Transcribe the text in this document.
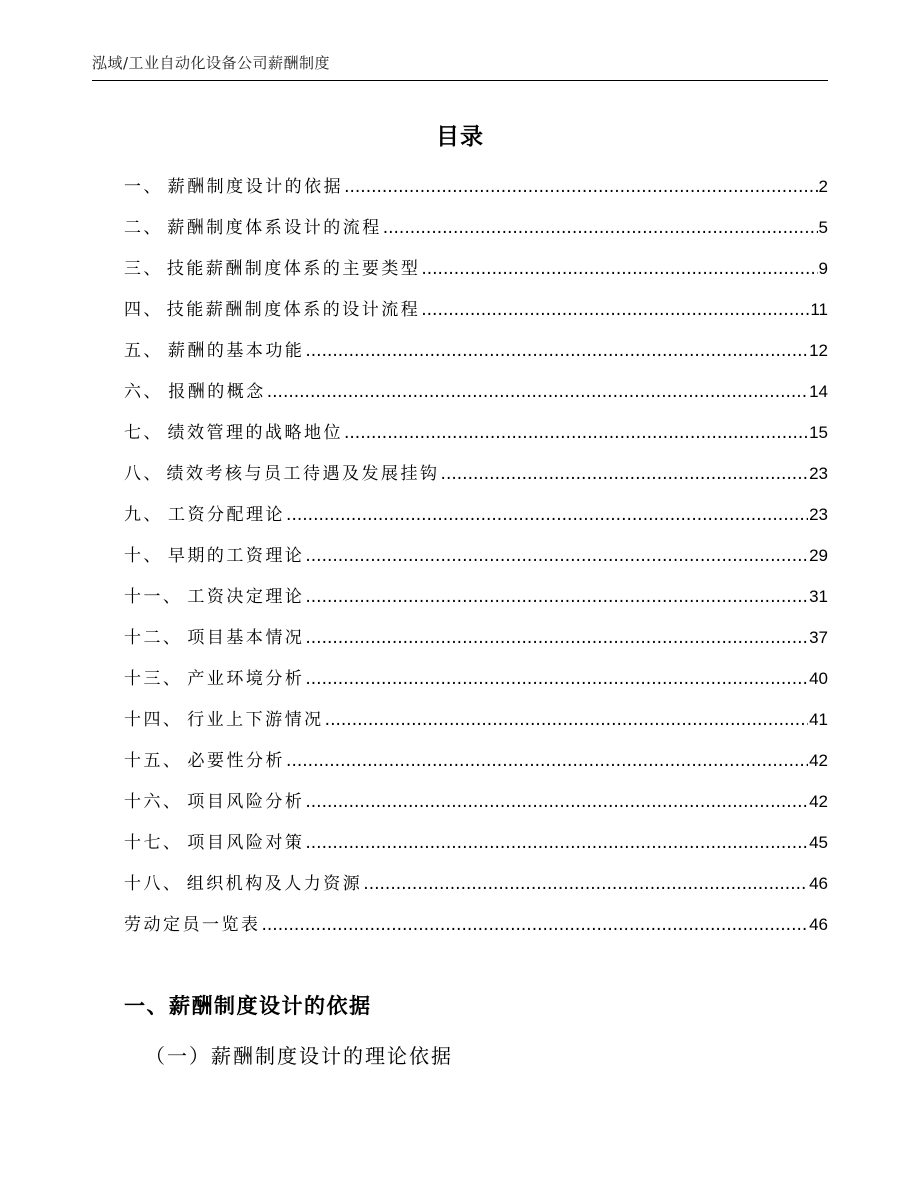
泓域/工业自动化设备公司薪酬制度
目录
一、 薪酬制度设计的依据 .....	2
二、 薪酬制度体系设计的流程 .....	5
三、 技能薪酬制度体系的主要类型 .....	9
四、 技能薪酬制度体系的设计流程 .....	11
五、 薪酬的基本功能 .....	12
六、 报酬的概念 .....	14
七、 绩效管理的战略地位 .....	15
八、 绩效考核与员工待遇及发展挂钩 .....	23
九、 工资分配理论 .....	23
十、 早期的工资理论 .....	29
十一、 工资决定理论 .....	31
十二、 项目基本情况 .....	37
十三、 产业环境分析 .....	40
十四、 行业上下游情况 .....	41
十五、 必要性分析 .....	42
十六、 项目风险分析 .....	42
十七、 项目风险对策 .....	45
十八、 组织机构及人力资源 .....	46
劳动定员一览表 .....	46
一、薪酬制度设计的依据
（一）薪酬制度设计的理论依据
